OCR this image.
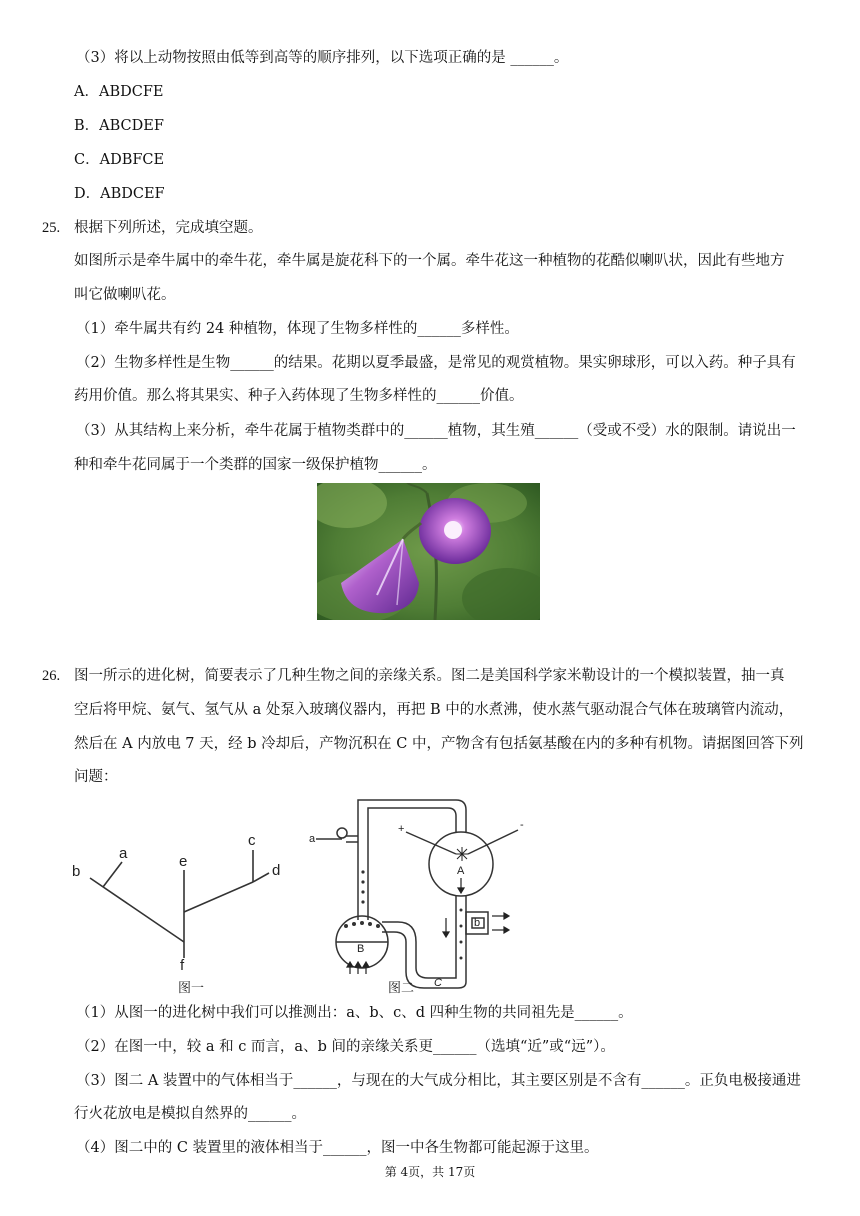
（3）将以上动物按照由低等到高等的顺序排列，以下选项正确的是 ______。
A．ABDCFE
B．ABCDEF
C．ADBFCE
D．ABDCEF
25. 根据下列所述，完成填空题。
如图所示是牵牛属中的牵牛花，牵牛属是旋花科下的一个属。牵牛花这一种植物的花酷似喇叭状，因此有些地方
叫它做喇叭花。
（1）牵牛属共有约 24 种植物，体现了生物多样性的______多样性。
（2）生物多样性是生物______的结果。花期以夏季最盛，是常见的观赏植物。果实卵球形，可以入药。种子具有
药用价值。那么将其果实、种子入药体现了生物多样性的______价值。
（3）从其结构上来分析，牵牛花属于植物类群中的______植物，其生殖______（受或不受）水的限制。请说出一
种和牵牛花同属于一个类群的国家一级保护植物______。
26. 图一所示的进化树，简要表示了几种生物之间的亲缘关系。图二是美国科学家米勒设计的一个模拟装置，抽一真
空后将甲烷、氨气、氢气从 a 处泵入玻璃仪器内，再把 B 中的水煮沸，使水蒸气驱动混合气体在玻璃管内流动，
然后在 A 内放电 7 天，经 b 冷却后，产物沉积在 C 中，产物含有包括氨基酸在内的多种有机物。请据图回答下列
问题：
a
b
c
d
e
f
图一
a
A
B
b
C
+	-
图二
（1）从图一的进化树中我们可以推测出：a、b、c、d 四种生物的共同祖先是______。
（2）在图一中，较 a 和 c 而言，a、b 间的亲缘关系更______（选填“近”或“远”）。
（3）图二 A 装置中的气体相当于______，与现在的大气成分相比，其主要区别是不含有______。正负电极接通进
行火花放电是模拟自然界的______。
（4）图二中的 C 装置里的液体相当于______，图一中各生物都可能起源于这里。
第 4页，共 17页
